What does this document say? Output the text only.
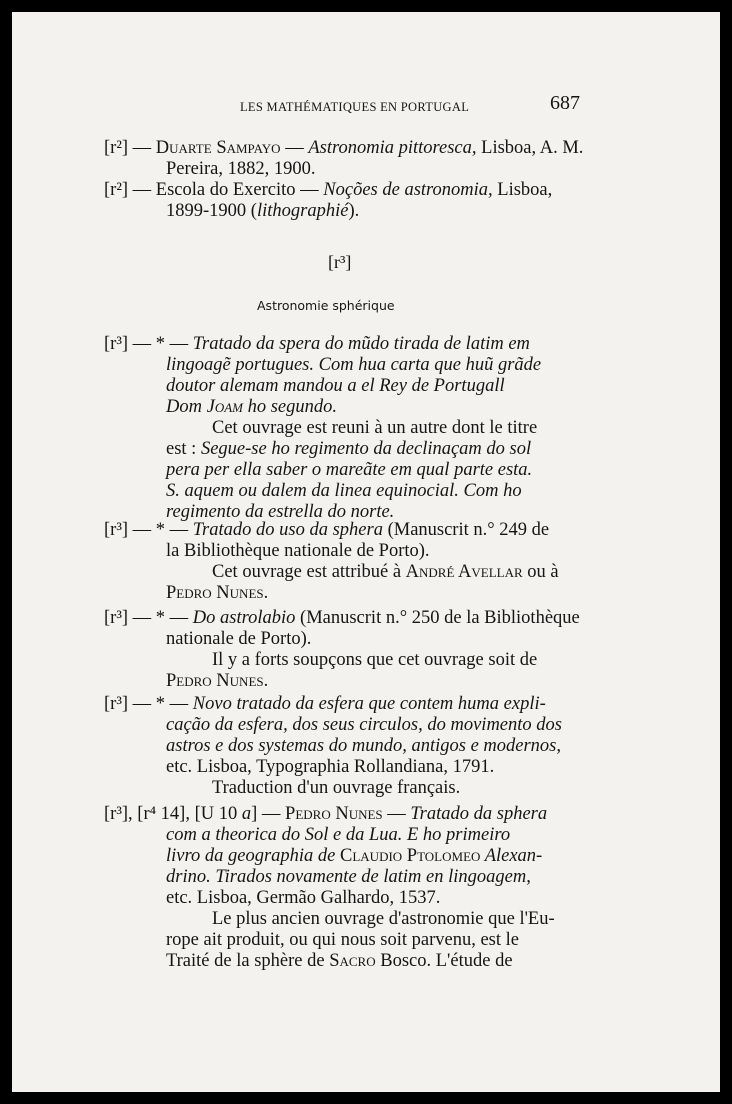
LES MATHÉMATIQUES EN PORTUGAL	687

[r²] — Duarte Sampayo — Astronomia pittoresca, Lisboa, A. M.

Pereira, 1882, 1900.

[r²] — Escola do Exercito — Noções de astronomia, Lisboa,

1899-1900 (lithographié).

[r³]
Astronomie sphérique

[r³] — * — Tratado da spera do mũdo tirada de latim em

lingoagẽ portugues. Com hua carta que huũ grãde

doutor alemam mandou a el Rey de Portugall

Dom Joam ho segundo.

Cet ouvrage est reuni à un autre dont le titre

est : Segue-se ho regimento da declinaçam do sol

pera per ella saber o mareãte em qual parte esta.

S. aquem ou dalem da linea equinocial. Com ho

regimento da estrella do norte.

[r³] — * — Tratado do uso da sphera (Manuscrit n.° 249 de

la Bibliothèque nationale de Porto).

Cet ouvrage est attribué à André Avellar ou à

Pedro Nunes.

[r³] — * — Do astrolabio (Manuscrit n.° 250 de la Bibliothèque

nationale de Porto).

Il y a forts soupçons que cet ouvrage soit de

Pedro Nunes.

[r³] — * — Novo tratado da esfera que contem huma expli-

cação da esfera, dos seus circulos, do movimento dos

astros e dos systemas do mundo, antigos e modernos,

etc. Lisboa, Typographia Rollandiana, 1791.

Traduction d'un ouvrage français.

[r³], [r⁴ 14], [U 10 a] — Pedro Nunes — Tratado da sphera

com a theorica do Sol e da Lua. E ho primeiro

livro da geographia de Claudio Ptolomeo Alexan-

drino. Tirados novamente de latim en lingoagem,

etc. Lisboa, Germão Galhardo, 1537.

Le plus ancien ouvrage d'astronomie que l'Eu-

rope ait produit, ou qui nous soit parvenu, est le

Traité de la sphère de Sacro Bosco. L'étude de
